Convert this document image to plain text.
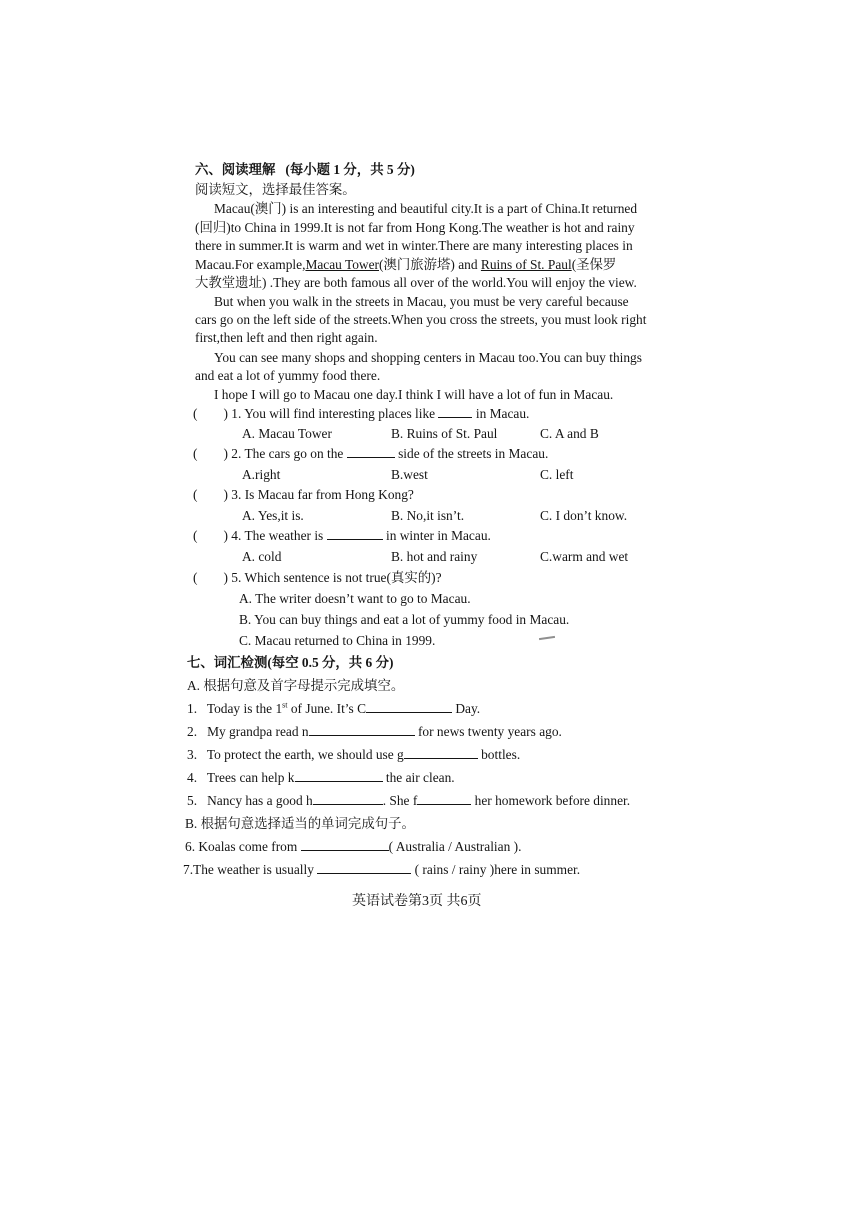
六、阅读理解 (每小题 1 分，共 5 分)
阅读短文，选择最佳答案。
Macau(澳门) is an interesting and beautiful city.It is a part of China.It returned
(回归)to China in 1999.It is not far from Hong Kong.The weather is hot and rainy
there in summer.It is warm and wet in winter.There are many interesting places in
Macau.For example,Macau Tower(澳门旅游塔) and Ruins of St. Paul(圣保罗
大教堂遗址) .They are both famous all over of the world.You will enjoy the view.
But when you walk in the streets in Macau, you must be very careful because
cars go on the left side of the streets.When you cross the streets, you must look right
first,then left and then right again.
You can see many shops and shopping centers in Macau too.You can buy things
and eat a lot of yummy food there.
I hope I will go to Macau one day.I think I will have a lot of fun in Macau.
( ) 1. You will find interesting places like	in Macau.
A. Macau Tower	B. Ruins of St. Paul	C. A and B
( ) 2. The cars go on the	side of the streets in Macau.
A.right	B.west	C. left
( ) 3. Is Macau far from Hong Kong?
A. Yes,it is.	B. No,it isn’t.	C. I don’t know.
( ) 4. The weather is	in winter in Macau.
A. cold	B. hot and rainy	C.warm and wet
( ) 5. Which sentence is not true(真实的)?
A. The writer doesn’t want to go to Macau.
B. You can buy things and eat a lot of yummy food in Macau.
C. Macau returned to China in 1999.
七、词汇检测(每空 0.5 分，共 6 分)
A. 根据句意及首字母提示完成填空。
1. Today is the 1st of June. It’s C	Day.
2. My grandpa read n	for news twenty years ago.
3. To protect the earth, we should use g	bottles.
4. Trees can help k	the air clean.
5. Nancy has a good h	. She f	her homework before dinner.
B. 根据句意选择适当的单词完成句子。
6. Koalas come from	( Australia / Australian ).
7.The weather is usually	( rains / rainy )here in summer.
英语试卷第3页 共6页
